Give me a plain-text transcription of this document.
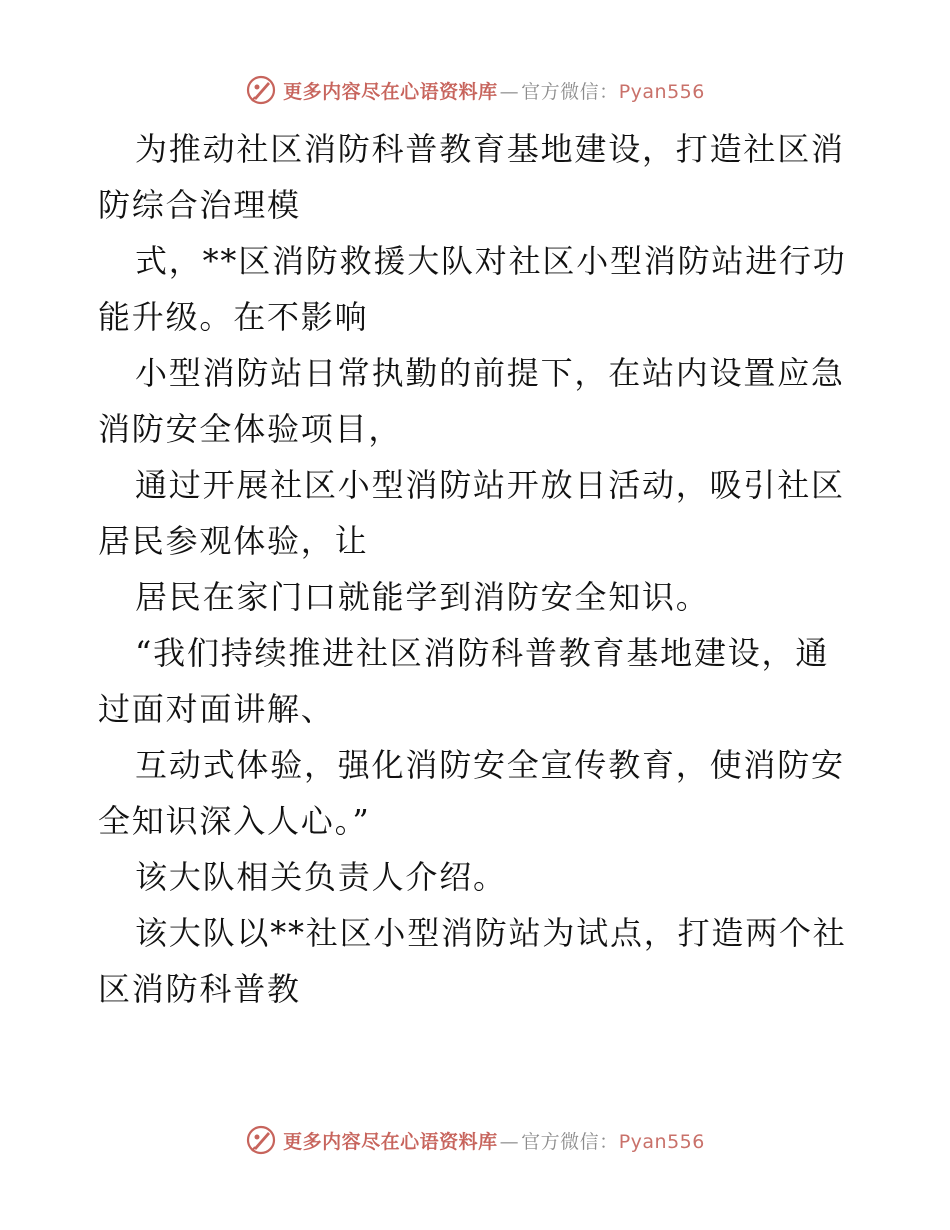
更多内容尽在心语资料库 — 官方微信：Pyan556
为推动社区消防科普教育基地建设，打造社区消
防综合治理模
式，**区消防救援大队对社区小型消防站进行功
能升级。在不影响
小型消防站日常执勤的前提下，在站内设置应急
消防安全体验项目，
通过开展社区小型消防站开放日活动，吸引社区
居民参观体验，让
居民在家门口就能学到消防安全知识。
“我们持续推进社区消防科普教育基地建设，通
过面对面讲解、
互动式体验，强化消防安全宣传教育，使消防安
全知识深入人心。”
该大队相关负责人介绍。
该大队以**社区小型消防站为试点，打造两个社
区消防科普教
更多内容尽在心语资料库 — 官方微信：Pyan556
